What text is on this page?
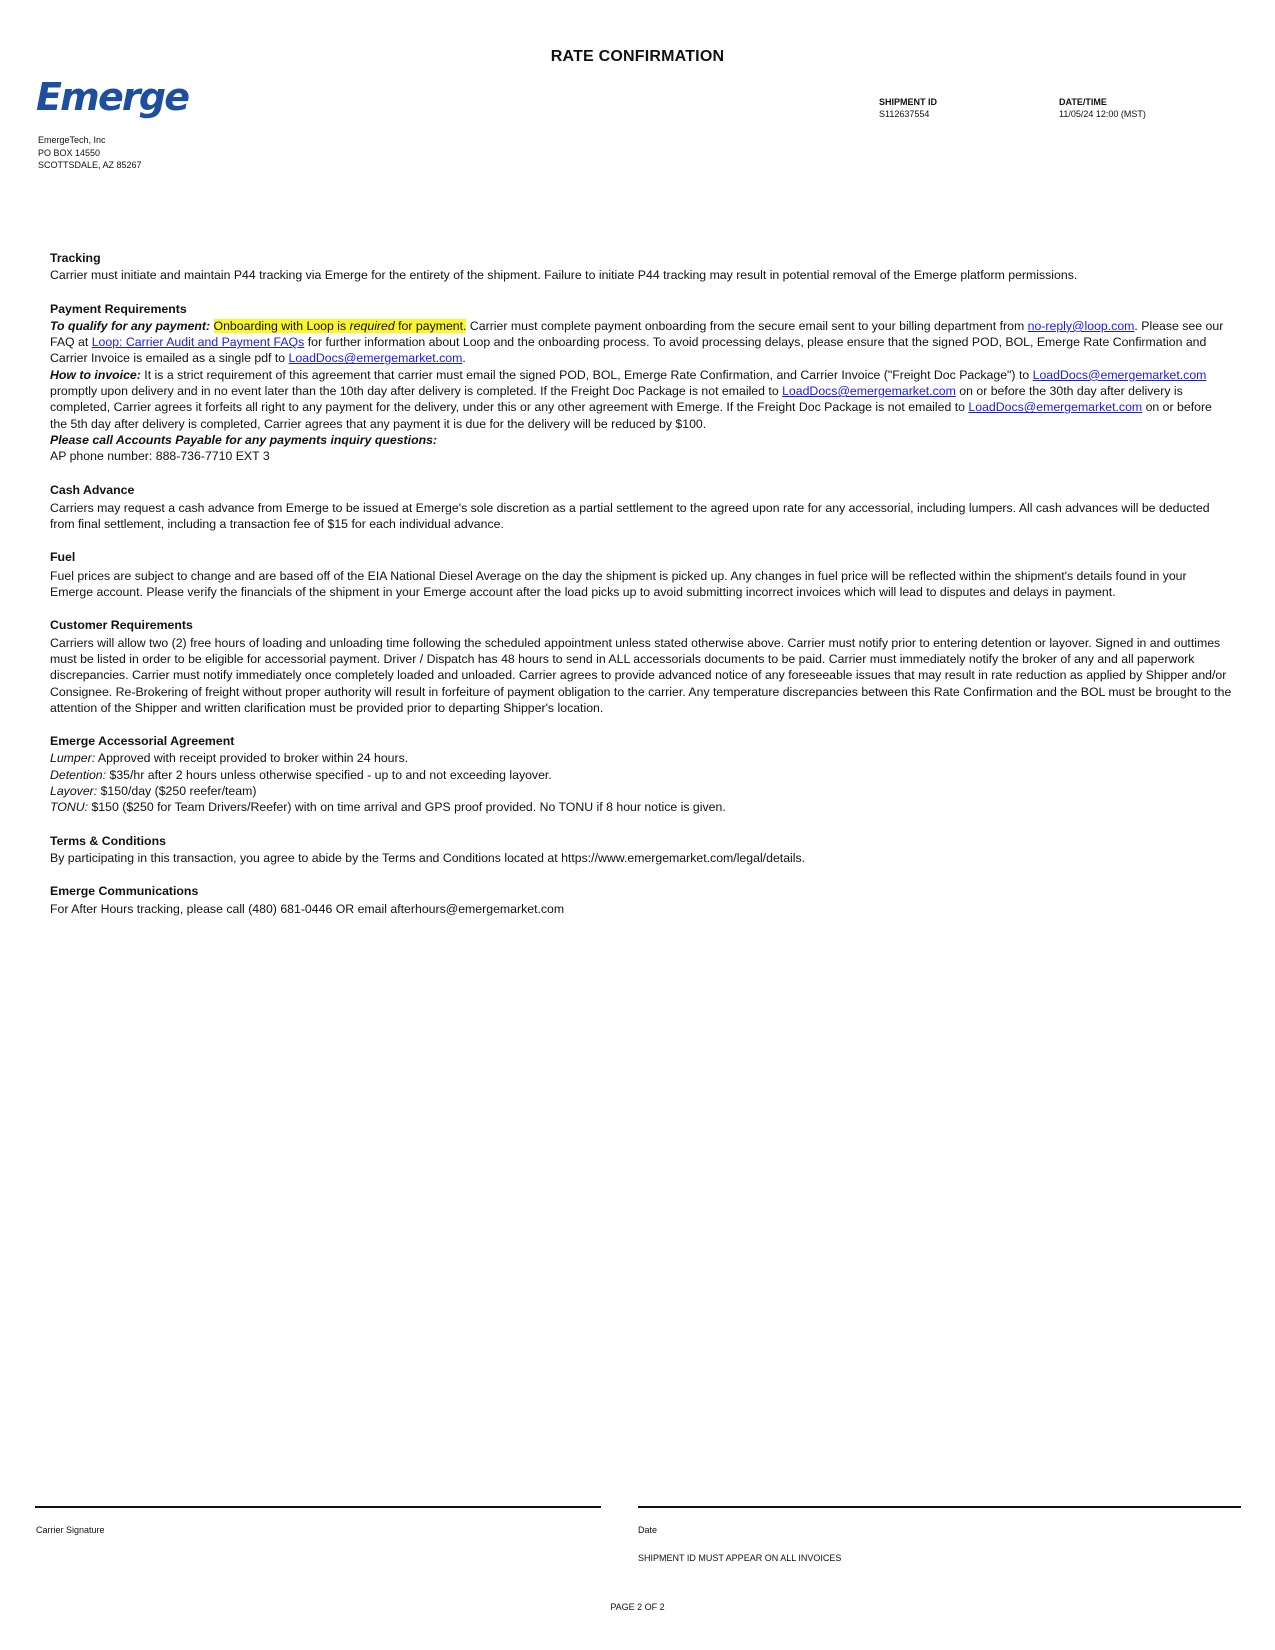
RATE CONFIRMATION
Emerge
EmergeTech, Inc
PO BOX 14550
SCOTTSDALE, AZ 85267
SHIPMENT ID
S112637554
DATE/TIME
11/05/24 12:00 (MST)
Tracking

Carrier must initiate and maintain P44 tracking via Emerge for the entirety of the shipment. Failure to initiate P44 tracking may result in potential removal of the Emerge platform permissions.

Payment Requirements

To qualify for any payment: Onboarding with Loop is required for payment. Carrier must complete payment onboarding from the secure email sent to your billing department from no-reply@loop.com. Please see our FAQ at Loop: Carrier Audit and Payment FAQs for further information about Loop and the onboarding process. To avoid processing delays, please ensure that the signed POD, BOL, Emerge Rate Confirmation and Carrier Invoice is emailed as a single pdf to LoadDocs@emergemarket.com.

How to invoice: It is a strict requirement of this agreement that carrier must email the signed POD, BOL, Emerge Rate Confirmation, and Carrier Invoice ("Freight Doc Package") to LoadDocs@emergemarket.com promptly upon delivery and in no event later than the 10th day after delivery is completed. If the Freight Doc Package is not emailed to LoadDocs@emergemarket.com on or before the 30th day after delivery is completed, Carrier agrees it forfeits all right to any payment for the delivery, under this or any other agreement with Emerge. If the Freight Doc Package is not emailed to LoadDocs@emergemarket.com on or before the 5th day after delivery is completed, Carrier agrees that any payment it is due for the delivery will be reduced by $100.

Please call Accounts Payable for any payments inquiry questions:

AP phone number: 888-736-7710 EXT 3

Cash Advance

Carriers may request a cash advance from Emerge to be issued at Emerge's sole discretion as a partial settlement to the agreed upon rate for any accessorial, including lumpers. All cash advances will be deducted from final settlement, including a transaction fee of $15 for each individual advance.

Fuel

Fuel prices are subject to change and are based off of the EIA National Diesel Average on the day the shipment is picked up. Any changes in fuel price will be reflected within the shipment's details found in your Emerge account. Please verify the financials of the shipment in your Emerge account after the load picks up to avoid submitting incorrect invoices which will lead to disputes and delays in payment.

Customer Requirements

Carriers will allow two (2) free hours of loading and unloading time following the scheduled appointment unless stated otherwise above. Carrier must notify prior to entering detention or layover. Signed in and outtimes must be listed in order to be eligible for accessorial payment. Driver / Dispatch has 48 hours to send in ALL accessorials documents to be paid. Carrier must immediately notify the broker of any and all paperwork discrepancies. Carrier must notify immediately once completely loaded and unloaded. Carrier agrees to provide advanced notice of any foreseeable issues that may result in rate reduction as applied by Shipper and/or Consignee. Re-Brokering of freight without proper authority will result in forfeiture of payment obligation to the carrier. Any temperature discrepancies between this Rate Confirmation and the BOL must be brought to the attention of the Shipper and written clarification must be provided prior to departing Shipper's location.

Emerge Accessorial Agreement

Lumper: Approved with receipt provided to broker within 24 hours.

Detention: $35/hr after 2 hours unless otherwise specified - up to and not exceeding layover.

Layover: $150/day ($250 reefer/team)

TONU: $150 ($250 for Team Drivers/Reefer) with on time arrival and GPS proof provided. No TONU if 8 hour notice is given.

Terms & Conditions

By participating in this transaction, you agree to abide by the Terms and Conditions located at https://www.emergemarket.com/legal/details.

Emerge Communications

For After Hours tracking, please call (480) 681-0446 OR email afterhours@emergemarket.com

Carrier Signature	Date
SHIPMENT ID MUST APPEAR ON ALL INVOICES
PAGE 2 OF 2
